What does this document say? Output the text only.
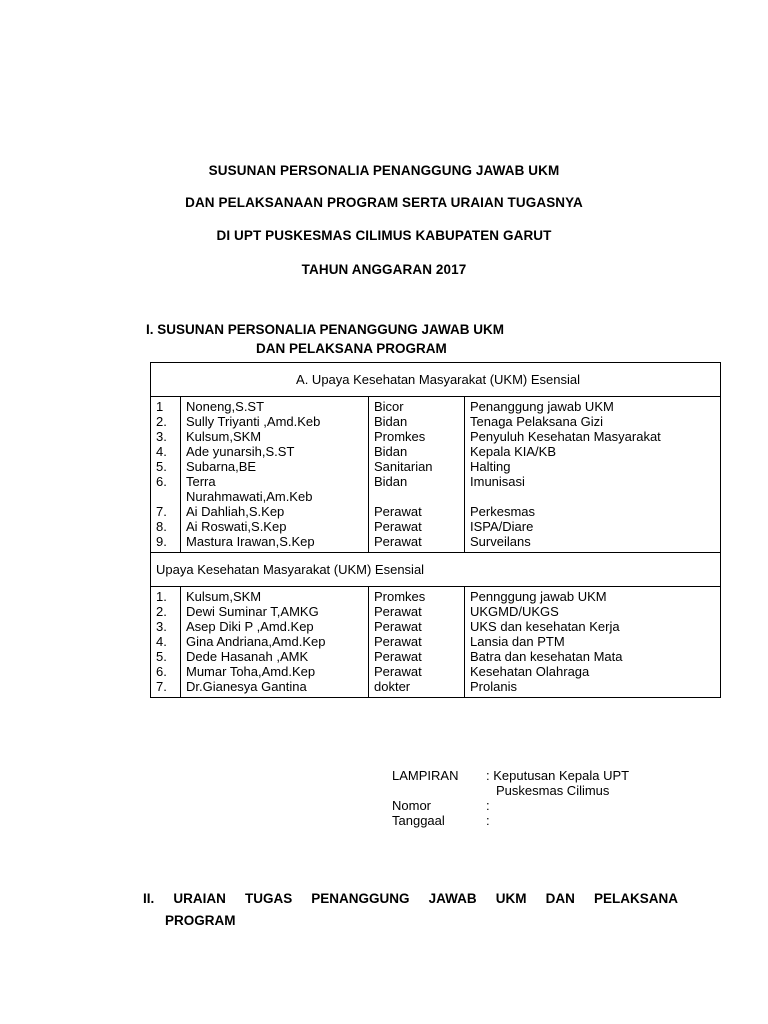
SUSUNAN PERSONALIA PENANGGUNG JAWAB UKM
DAN PELAKSANAAN PROGRAM SERTA URAIAN TUGASNYA
DI UPT PUSKESMAS CILIMUS KABUPATEN GARUT
TAHUN ANGGARAN 2017
I. SUSUNAN PERSONALIA PENANGGUNG JAWAB UKM
DAN PELAKSANA PROGRAM
A. Upaya Kesehatan Masyarakat (UKM) Esensial			
1	Noneng,S.ST	Bicor	Penanggung jawab UKM
2.	Sully Triyanti ,Amd.Keb	Bidan	Tenaga Pelaksana Gizi
3.	Kulsum,SKM	Promkes	Penyuluh Kesehatan Masyarakat
4.	Ade yunarsih,S.ST	Bidan	Kepala KIA/KB
5.	Subarna,BE	Sanitarian	Halting
6.	Terra	Bidan	Imunisasi
	Nurahmawati,Am.Keb		
7.	Ai Dahliah,S.Kep	Perawat	Perkesmas
8.	Ai Roswati,S.Kep	Perawat	ISPA/Diare
9.	Mastura Irawan,S.Kep	Perawat	Surveilans
Upaya Kesehatan Masyarakat (UKM) Esensial			
1.	Kulsum,SKM	Promkes	Pennggung jawab UKM
2.	Dewi Suminar T,AMKG	Perawat	UKGMD/UKGS
3.	Asep Diki P ,Amd.Kep	Perawat	UKS dan kesehatan Kerja
4.	Gina Andriana,Amd.Kep	Perawat	Lansia dan PTM
5.	Dede Hasanah ,AMK	Perawat	Batra dan kesehatan Mata
6.	Mumar Toha,Amd.Kep	Perawat	Kesehatan Olahraga
7.	Dr.Gianesya Gantina	dokter	Prolanis
LAMPIRAN : Keputusan Kepala UPT
Puskesmas Cilimus
Nomor	:
Tanggaal	:
II. URAIAN TUGAS PENANGGUNG JAWAB UKM DAN PELAKSANA
PROGRAM
